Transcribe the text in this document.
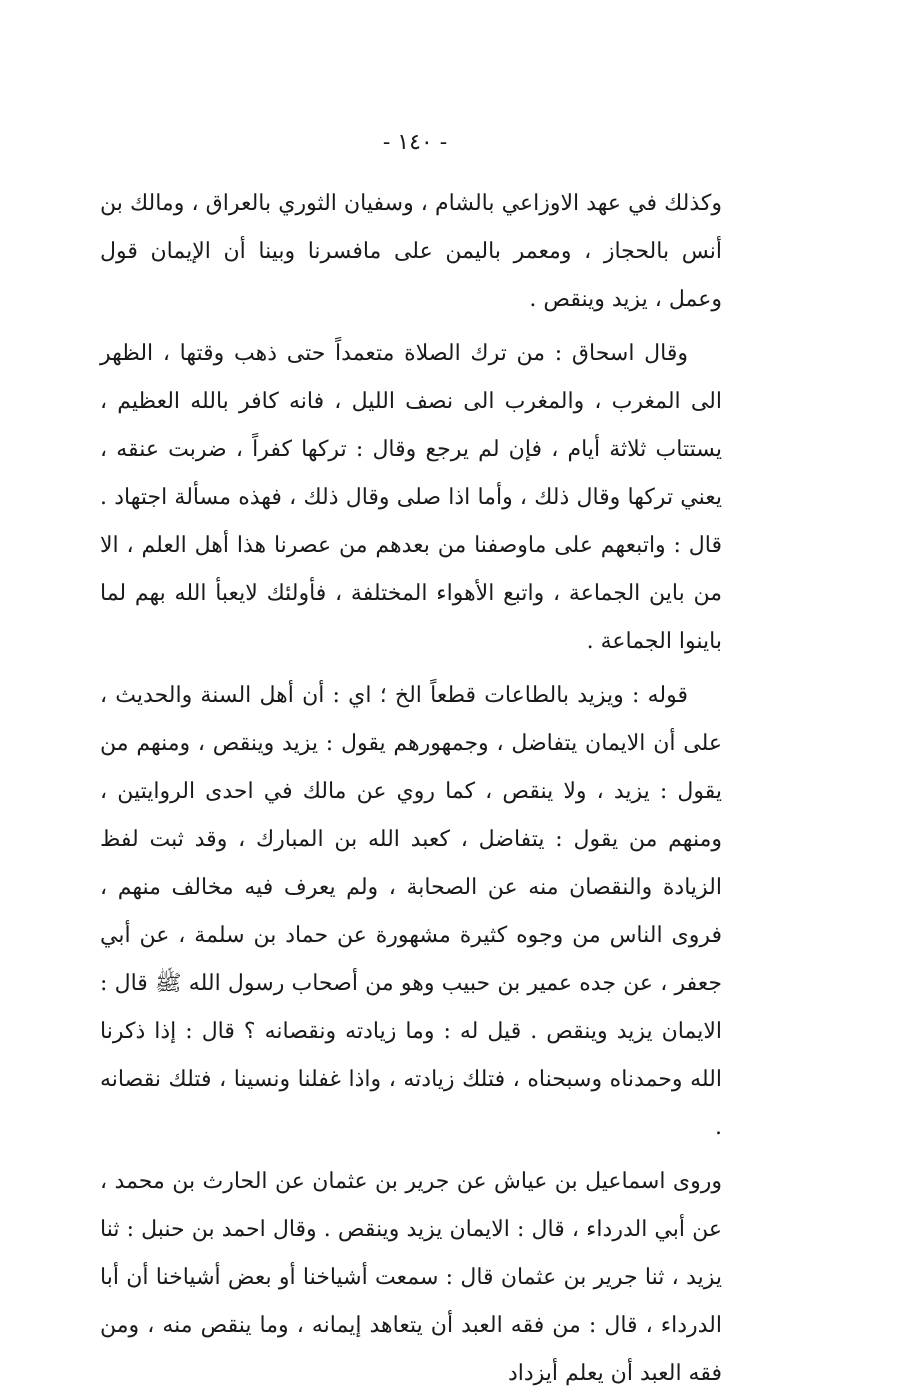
- ١٤٠ -

وكذلك في عهد الاوزاعي بالشام ، وسفيان الثوري بالعراق ، ومالك بن أنس بالحجاز ، ومعمر باليمن على مافسرنا وبينا أن الإيمان قول وعمل ، يزيد وينقص .

وقال اسحاق : من ترك الصلاة متعمداً حتى ذهب وقتها ، الظهر الى المغرب ، والمغرب الى نصف الليل ، فانه كافر بالله العظيم ، يستتاب ثلاثة أيام ، فإن لم يرجع وقال : تركها كفراً ، ضربت عنقه ، يعني تركها وقال ذلك ، وأما اذا صلى وقال ذلك ، فهذه مسألة اجتهاد . قال : واتبعهم على ماوصفنا من بعدهم من عصرنا هذا أهل العلم ، الا من باين الجماعة ، واتبع الأهواء المختلفة ، فأولئك لايعبأ الله بهم لما باينوا الجماعة .

قوله : ويزيد بالطاعات قطعاً الخ ؛ اي : أن أهل السنة والحديث ، على أن الايمان يتفاضل ، وجمهورهم يقول : يزيد وينقص ، ومنهم من يقول : يزيد ، ولا ينقص ، كما روي عن مالك في احدى الروايتين ، ومنهم من يقول : يتفاضل ، كعبد الله بن المبارك ، وقد ثبت لفظ الزيادة والنقصان منه عن الصحابة ، ولم يعرف فيه مخالف منهم ، فروى الناس من وجوه كثيرة مشهورة عن حماد بن سلمة ، عن أبي جعفر ، عن جده عمير بن حبيب وهو من أصحاب رسول الله ﷺ قال : الايمان يزيد وينقص . قيل له : وما زيادته ونقصانه ؟ قال : إذا ذكرنا الله وحمدناه وسبحناه ، فتلك زيادته ، واذا غفلنا ونسينا ، فتلك نقصانه .

وروى اسماعيل بن عياش عن جرير بن عثمان عن الحارث بن محمد ، عن أبي الدرداء ، قال : الايمان يزيد وينقص . وقال احمد بن حنبل : ثنا يزيد ، ثنا جرير بن عثمان قال : سمعت أشياخنا أو بعض أشياخنا أن أبا الدرداء ، قال : من فقه العبد أن يتعاهد إيمانه ، وما ينقص منه ، ومن فقه العبد أن يعلم أيزداد
